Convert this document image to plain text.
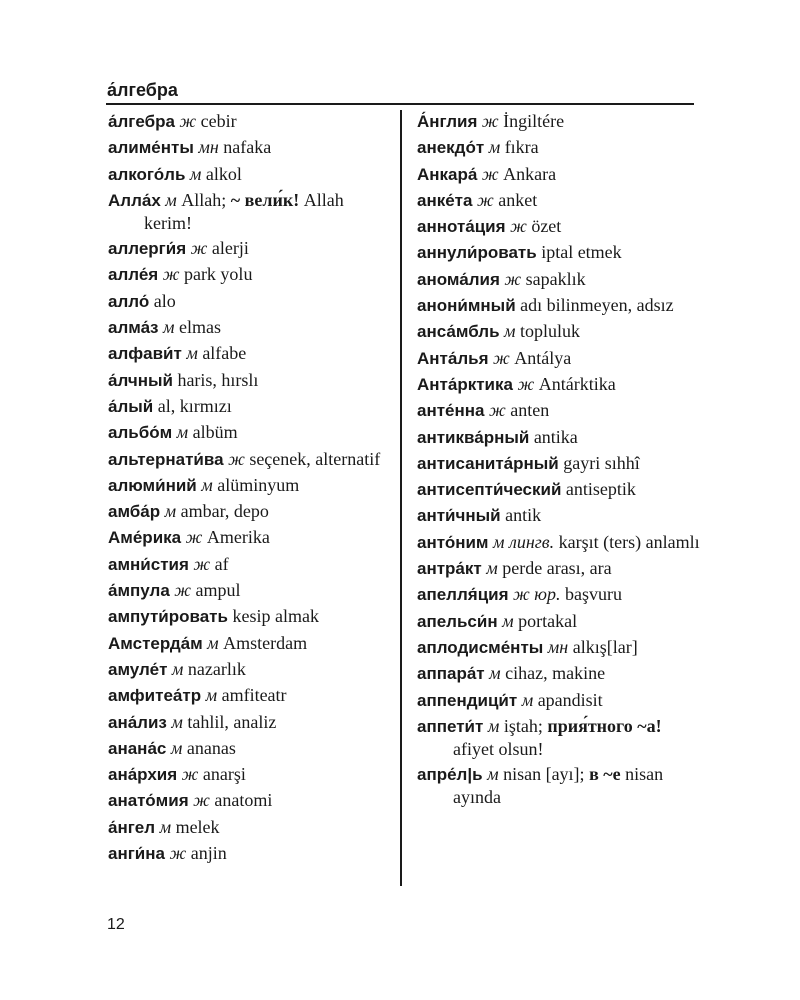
а́лгебра
а́лгебра ж cebir
алиме́нты мн nafaka
алкого́ль м alkol
Алла́х м Allah; ~ вели́к! Allah kerim!
аллерги́я ж alerji
алле́я ж park yolu
алло́ alo
алма́з м elmas
алфави́т м alfabe
а́лчный haris, hırslı
а́лый al, kırmızı
альбо́м м albüm
альтернати́ва ж seçenek, alternatif
алюми́ний м alüminyum
амба́р м ambar, depo
Аме́рика ж Amerika
амни́стия ж af
а́мпула ж ampul
ампути́ровать kesip almak
Амстерда́м м Amsterdam
амуле́т м nazarlık
амфитеа́тр м amfiteatr
ана́лиз м tahlil, analiz
анана́с м ananas
ана́рхия ж anarşi
анато́мия ж anatomi
а́нгел м melek
анги́на ж anjin
А́нглия ж İngiltére
анекдо́т м fıkra
Анкара́ ж Ankara
анке́та ж anket
аннота́ция ж özet
аннули́ровать iptal etmek
анома́лия ж sapaklık
анони́мный adı bilinmeyen, adsız
анса́мбль м topluluk
Анта́лья ж Antálya
Анта́рктика ж Antárktika
анте́нна ж anten
антиква́рный antika
антисанита́рный gayri sıhhî
антисепти́ческий antiseptik
анти́чный antik
анто́ним м лингв. karşıt (ters) anlamlı
антра́кт м perde arası, ara
апелля́ция ж юр. başvuru
апельси́н м portakal
аплодисме́нты мн alkış[lar]
аппара́т м cihaz, makine
аппендици́т м apandisit
аппети́т м iştah; прия́тного ~а! afiyet olsun!
апре́л|ь м nisan [ayı]; в ~е nisan ayında
12
